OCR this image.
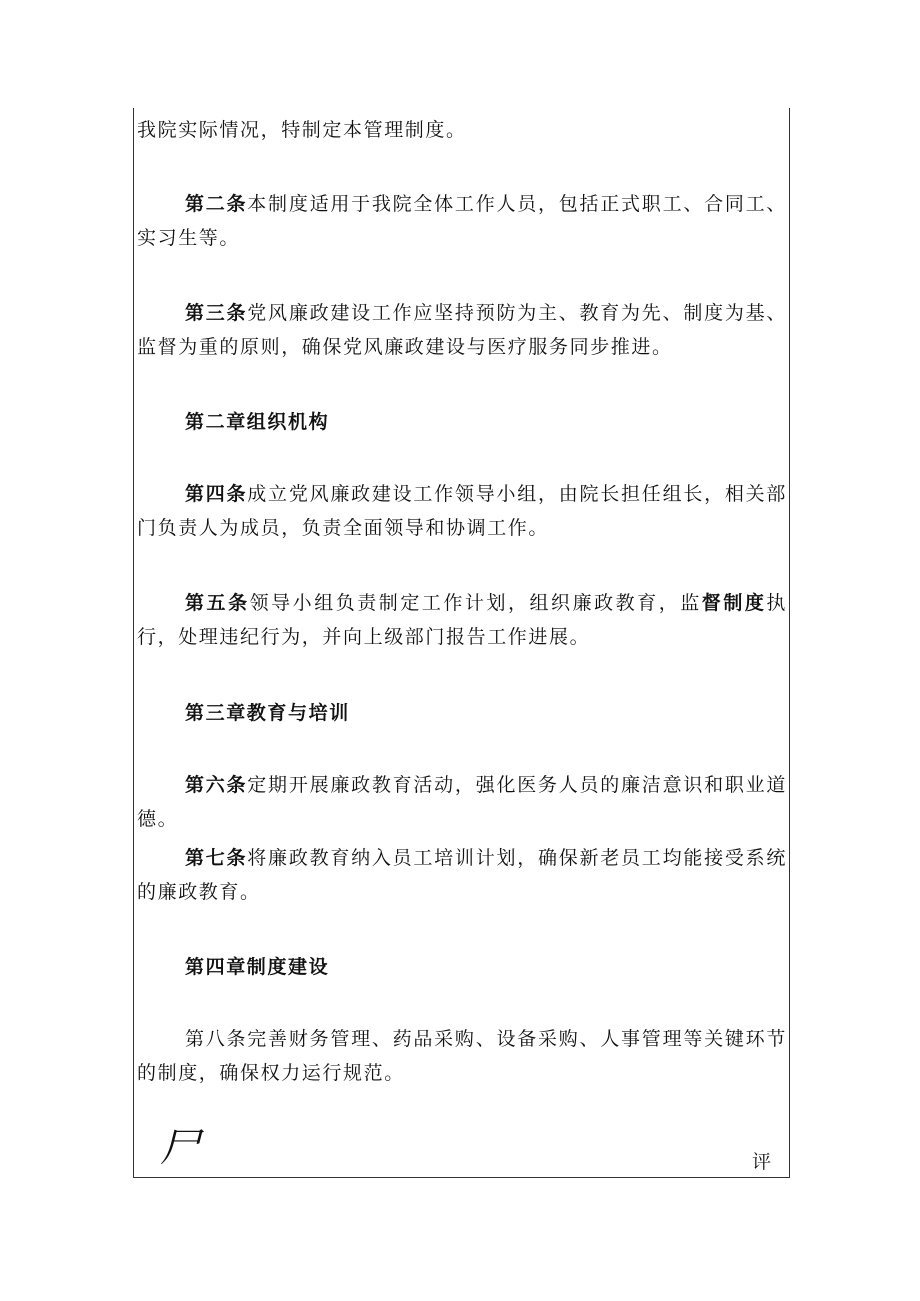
我院实际情况，特制定本管理制度。

第二条本制度适用于我院全体工作人员，包括正式职工、合同工、实习生等。

第三条党风廉政建设工作应坚持预防为主、教育为先、制度为基、监督为重的原则，确保党风廉政建设与医疗服务同步推进。

第二章组织机构

第四条成立党风廉政建设工作领导小组，由院长担任组长，相关部门负责人为成员，负责全面领导和协调工作。

第五条领导小组负责制定工作计划，组织廉政教育，监督制度执行，处理违纪行为，并向上级部门报告工作进展。

第三章教育与培训

第六条定期开展廉政教育活动，强化医务人员的廉洁意识和职业道德。

第七条将廉政教育纳入员工培训计划，确保新老员工均能接受系统的廉政教育。

第四章制度建设

第八条完善财务管理、药品采购、设备采购、人事管理等关键环节的制度，确保权力运行规范。

尸	评
